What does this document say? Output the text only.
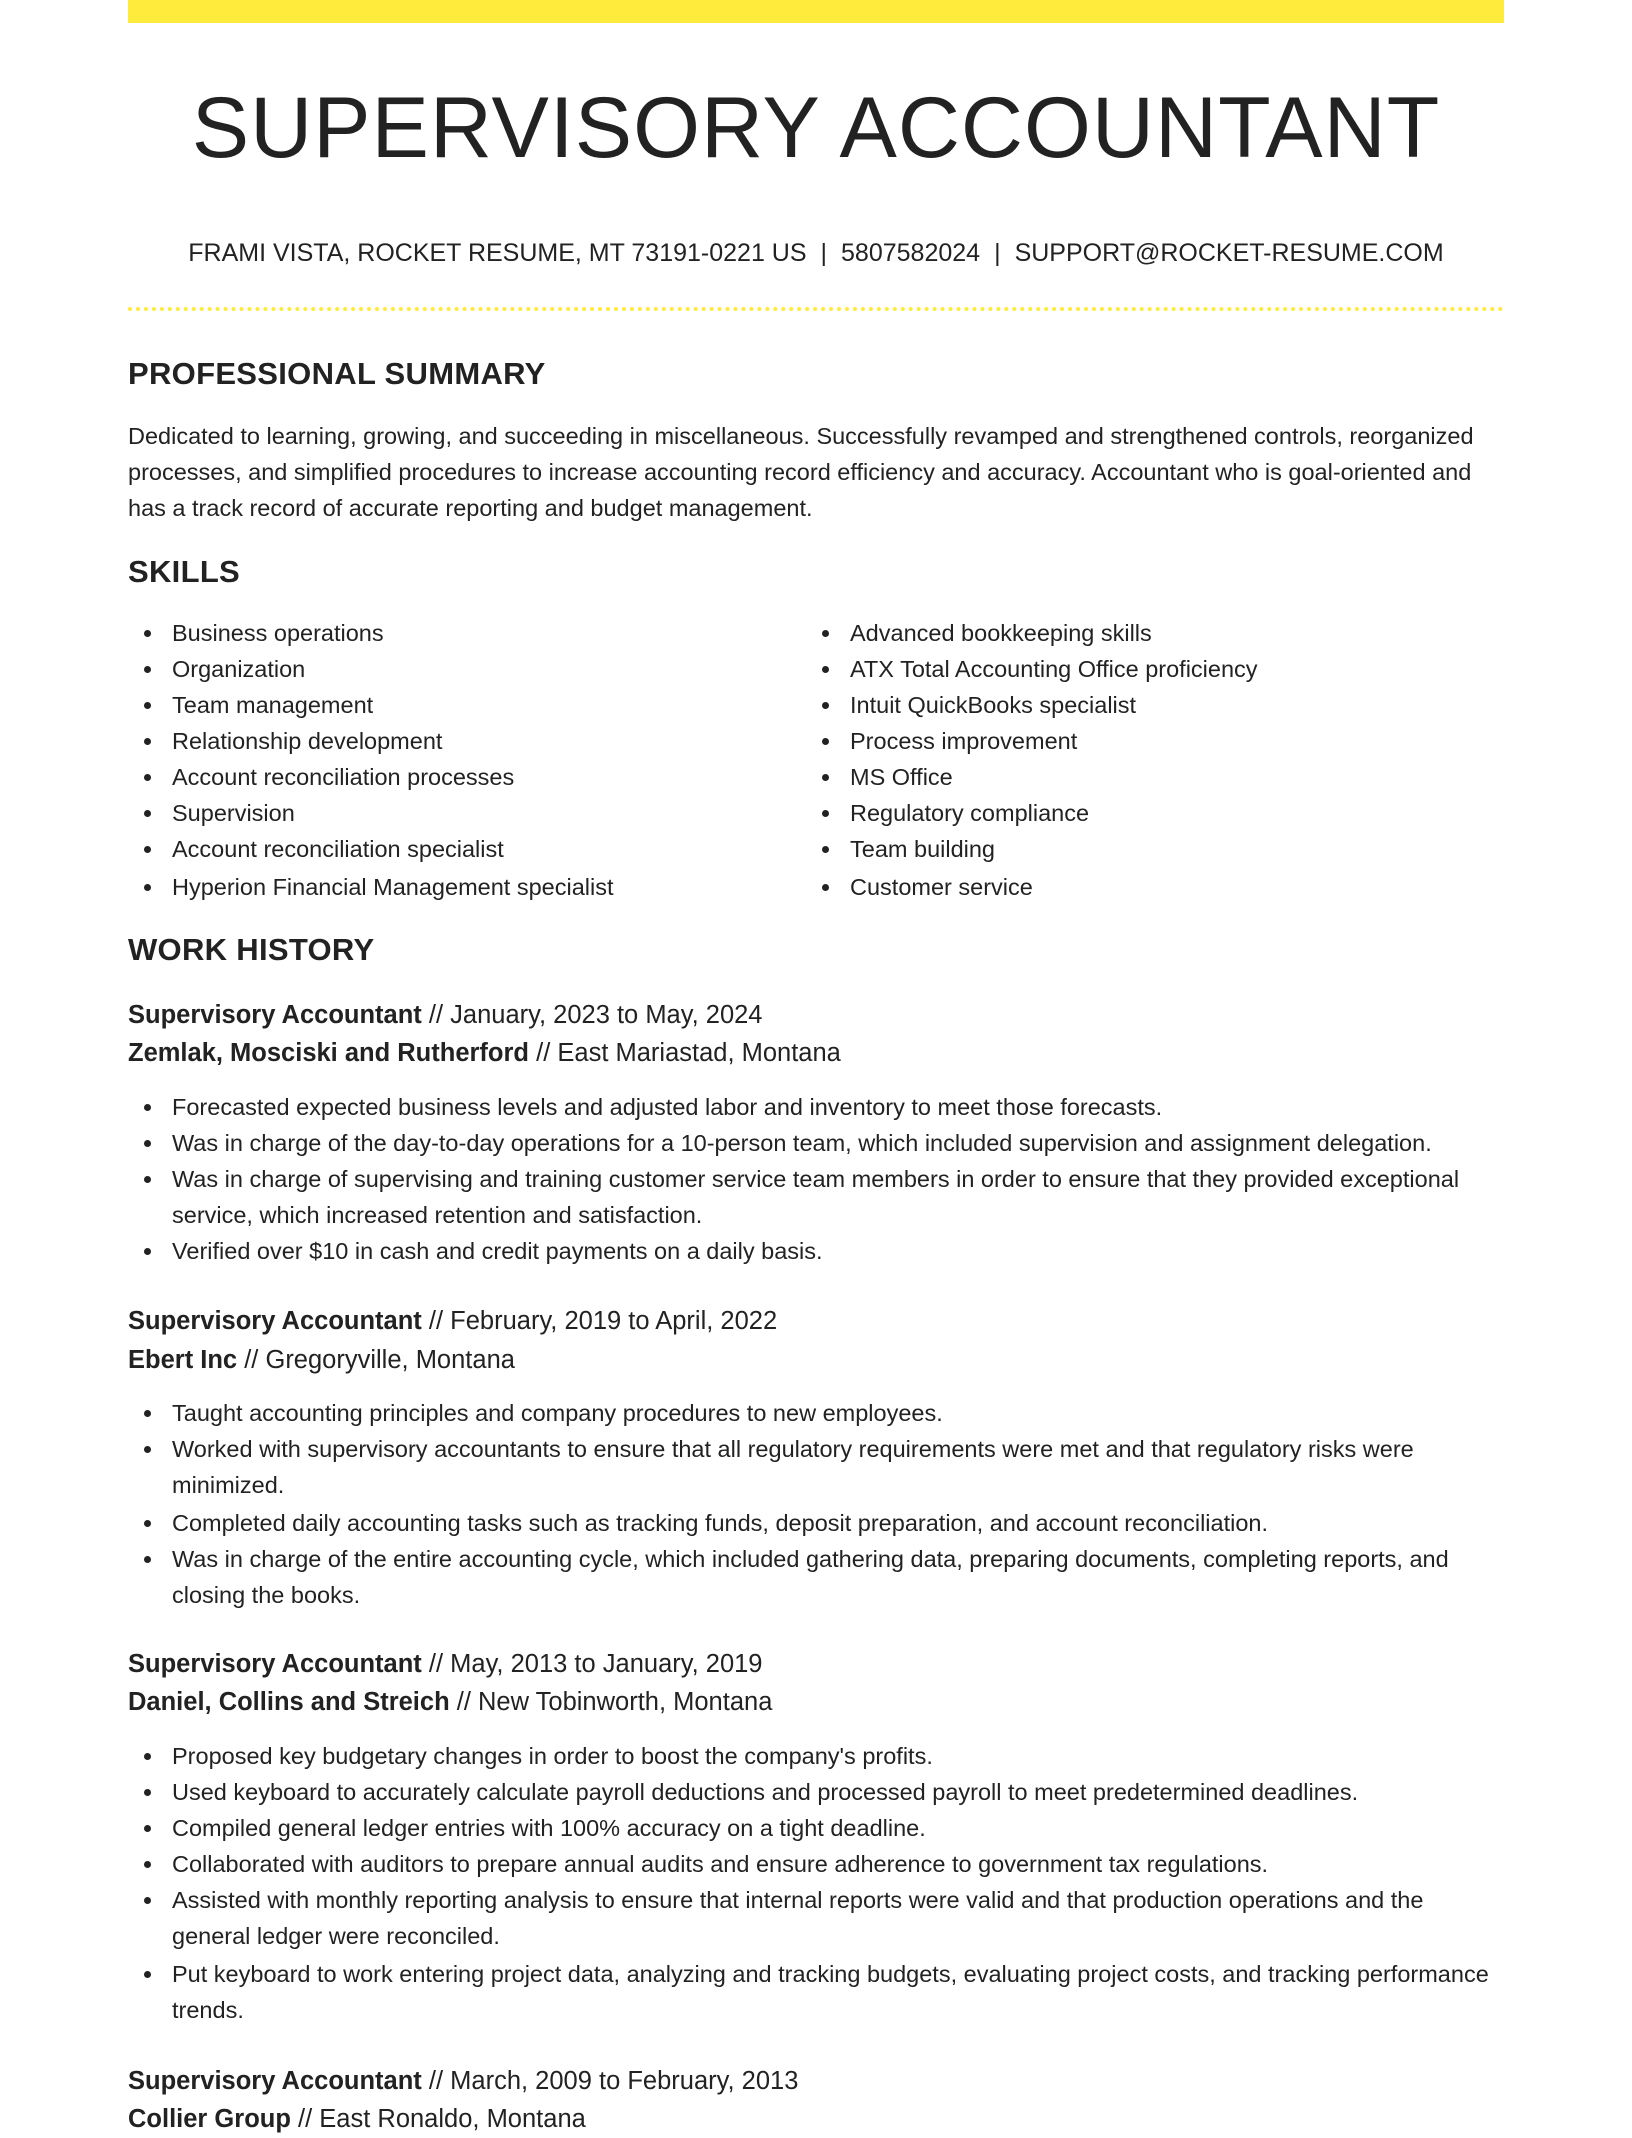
SUPERVISORY ACCOUNTANT
FRAMI VISTA, ROCKET RESUME, MT 73191-0221 US | 5807582024 | SUPPORT@ROCKET-RESUME.COM
PROFESSIONAL SUMMARY

Dedicated to learning, growing, and succeeding in miscellaneous. Successfully revamped and strengthened controls, reorganized processes, and simplified procedures to increase accounting record efficiency and accuracy. Accountant who is goal-oriented and has a track record of accurate reporting and budget management.

SKILLS
Business operations
Organization
Team management
Relationship development
Account reconciliation processes
Supervision
Account reconciliation specialist
Hyperion Financial Management specialist
Advanced bookkeeping skills
ATX Total Accounting Office proficiency
Intuit QuickBooks specialist
Process improvement
MS Office
Regulatory compliance
Team building
Customer service
WORK HISTORY
Supervisory Accountant // January, 2023 to May, 2024
Zemlak, Mosciski and Rutherford // East Mariastad, Montana
Forecasted expected business levels and adjusted labor and inventory to meet those forecasts.
Was in charge of the day-to-day operations for a 10-person team, which included supervision and assignment delegation.
Was in charge of supervising and training customer service team members in order to ensure that they provided exceptional service, which increased retention and satisfaction.
Verified over $10 in cash and credit payments on a daily basis.
Supervisory Accountant // February, 2019 to April, 2022
Ebert Inc // Gregoryville, Montana
Taught accounting principles and company procedures to new employees.
Worked with supervisory accountants to ensure that all regulatory requirements were met and that regulatory risks were minimized.
Completed daily accounting tasks such as tracking funds, deposit preparation, and account reconciliation.
Was in charge of the entire accounting cycle, which included gathering data, preparing documents, completing reports, and closing the books.
Supervisory Accountant // May, 2013 to January, 2019
Daniel, Collins and Streich // New Tobinworth, Montana
Proposed key budgetary changes in order to boost the company's profits.
Used keyboard to accurately calculate payroll deductions and processed payroll to meet predetermined deadlines.
Compiled general ledger entries with 100% accuracy on a tight deadline.
Collaborated with auditors to prepare annual audits and ensure adherence to government tax regulations.
Assisted with monthly reporting analysis to ensure that internal reports were valid and that production operations and the general ledger were reconciled.
Put keyboard to work entering project data, analyzing and tracking budgets, evaluating project costs, and tracking performance trends.
Supervisory Accountant // March, 2009 to February, 2013
Collier Group // East Ronaldo, Montana
